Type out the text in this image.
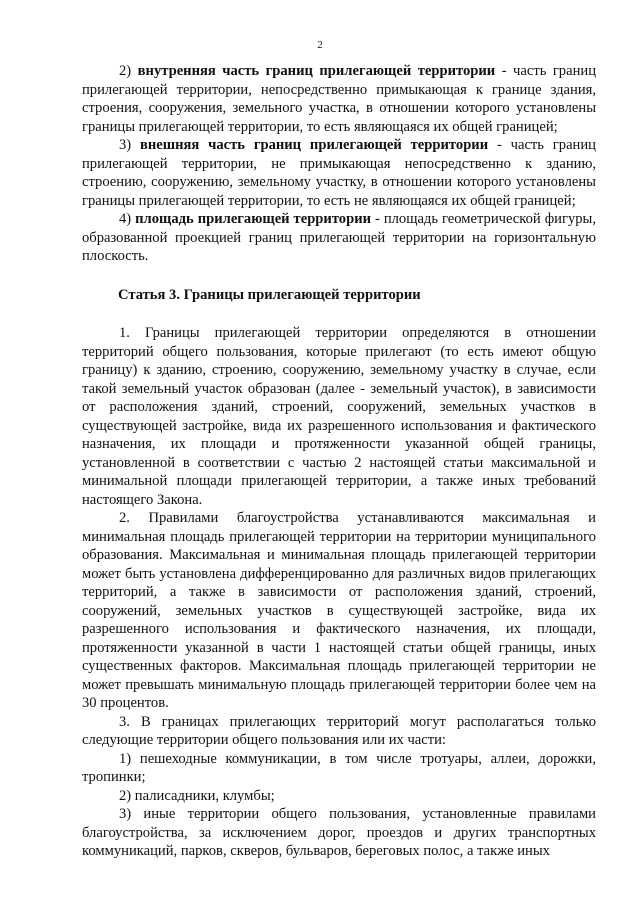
2

2) внутренняя часть границ прилегающей территории - часть границ прилегающей территории, непосредственно примыкающая к границе здания, строения, сооружения, земельного участка, в отношении которого установлены границы прилегающей территории, то есть являющаяся их общей границей;

3) внешняя часть границ прилегающей территории - часть границ прилегающей территории, не примыкающая непосредственно к зданию, строению, сооружению, земельному участку, в отношении которого установлены границы прилегающей территории, то есть не являющаяся их общей границей;

4) площадь прилегающей территории - площадь геометрической фигуры, образованной проекцией границ прилегающей территории на горизонтальную плоскость.

Статья 3. Границы прилегающей территории

1. Границы прилегающей территории определяются в отношении территорий общего пользования, которые прилегают (то есть имеют общую границу) к зданию, строению, сооружению, земельному участку в случае, если такой земельный участок образован (далее - земельный участок), в зависимости от расположения зданий, строений, сооружений, земельных участков в существующей застройке, вида их разрешенного использования и фактического назначения, их площади и протяженности указанной общей границы, установленной в соответствии с частью 2 настоящей статьи максимальной и минимальной площади прилегающей территории, а также иных требований настоящего Закона.

2. Правилами благоустройства устанавливаются максимальная и минимальная площадь прилегающей территории на территории муниципального образования. Максимальная и минимальная площадь прилегающей территории может быть установлена дифференцированно для различных видов прилегающих территорий, а также в зависимости от расположения зданий, строений, сооружений, земельных участков в существующей застройке, вида их разрешенного использования и фактического назначения, их площади, протяженности указанной в части 1 настоящей статьи общей границы, иных существенных факторов. Максимальная площадь прилегающей территории не может превышать минимальную площадь прилегающей территории более чем на 30 процентов.

3. В границах прилегающих территорий могут располагаться только следующие территории общего пользования или их части:

1) пешеходные коммуникации, в том числе тротуары, аллеи, дорожки, тропинки;

2) палисадники, клумбы;

3) иные территории общего пользования, установленные правилами благоустройства, за исключением дорог, проездов и других транспортных коммуникаций, парков, скверов, бульваров, береговых полос, а также иных
